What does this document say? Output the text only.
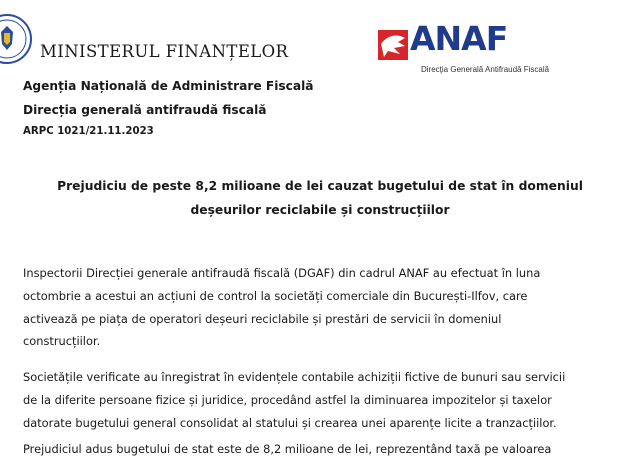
MINISTERUL FINANȚELOR	ANAF
Direcţia Generală Antifraudă Fiscală
Agenția Națională de Administrare Fiscală
Direcția generală antifraudă fiscală
ARPC 1021/21.11.2023
Prejudiciu de peste 8,2 milioane de lei cauzat bugetului de stat în domeniul
deșeurilor reciclabile și construcțiilor
Inspectorii Direcției generale antifraudă fiscală (DGAF) din cadrul ANAF au efectuat în luna
octombrie a acestui an acțiuni de control la societăți comerciale din București-Ilfov, care
activează pe piața de operatori deșeuri reciclabile și prestări de servicii în domeniul
construcțiilor.
Societățile verificate au înregistrat în evidențele contabile achiziții fictive de bunuri sau servicii
de la diferite persoane fizice și juridice, procedând astfel la diminuarea impozitelor și taxelor
datorate bugetului general consolidat al statului și crearea unei aparențe licite a tranzacțiilor.
Prejudiciul adus bugetului de stat este de 8,2 milioane de lei, reprezentând taxă pe valoarea
